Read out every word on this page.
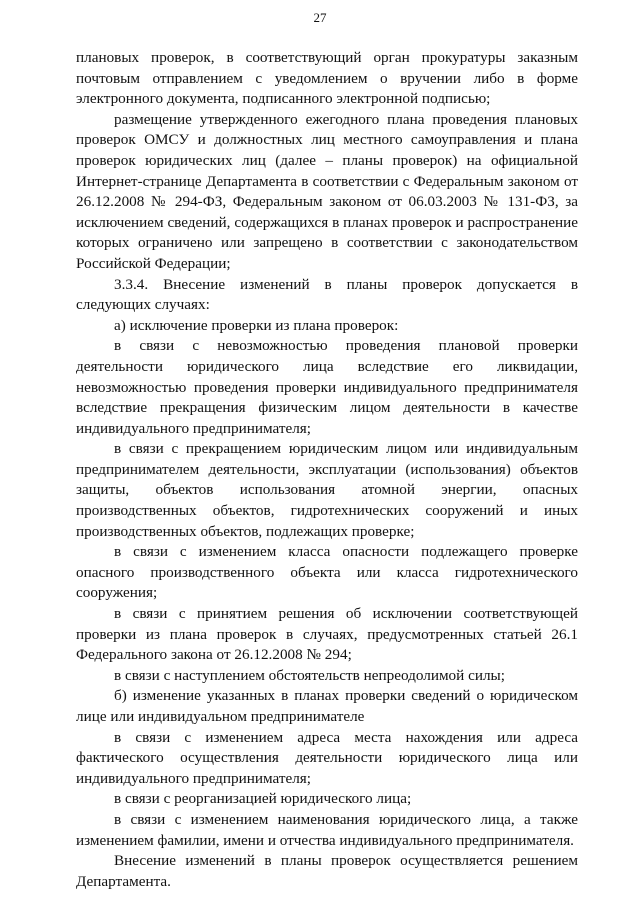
27

плановых проверок, в соответствующий орган прокуратуры заказным почтовым отправлением с уведомлением о вручении либо в форме электронного документа, подписанного электронной подписью;

размещение утвержденного ежегодного плана проведения плановых проверок ОМСУ и должностных лиц местного самоуправления и плана проверок юридических лиц (далее – планы проверок) на официальной Интернет-странице Департамента в соответствии с Федеральным законом от 26.12.2008 № 294-ФЗ, Федеральным законом от 06.03.2003 № 131-ФЗ, за исключением сведений, содержащихся в планах проверок и распространение которых ограничено или запрещено в соответствии с законодательством Российской Федерации;

3.3.4. Внесение изменений в планы проверок допускается в следующих случаях:

а) исключение проверки из плана проверок:

в связи с невозможностью проведения плановой проверки деятельности юридического лица вследствие его ликвидации, невозможностью проведения проверки индивидуального предпринимателя вследствие прекращения физическим лицом деятельности в качестве индивидуального предпринимателя;

в связи с прекращением юридическим лицом или индивидуальным предпринимателем деятельности, эксплуатации (использования) объектов защиты, объектов использования атомной энергии, опасных производственных объектов, гидротехнических сооружений и иных производственных объектов, подлежащих проверке;

в связи с изменением класса опасности подлежащего проверке опасного производственного объекта или класса гидротехнического сооружения;

в связи с принятием решения об исключении соответствующей проверки из плана проверок в случаях, предусмотренных статьей 26.1 Федерального закона от 26.12.2008 № 294;

в связи с наступлением обстоятельств непреодолимой силы;

б) изменение указанных в планах проверки сведений о юридическом лице или индивидуальном предпринимателе

в связи с изменением адреса места нахождения или адреса фактического осуществления деятельности юридического лица или индивидуального предпринимателя;

в связи с реорганизацией юридического лица;

в связи с изменением наименования юридического лица, а также изменением фамилии, имени и отчества индивидуального предпринимателя.

Внесение изменений в планы проверок осуществляется решением Департамента.
